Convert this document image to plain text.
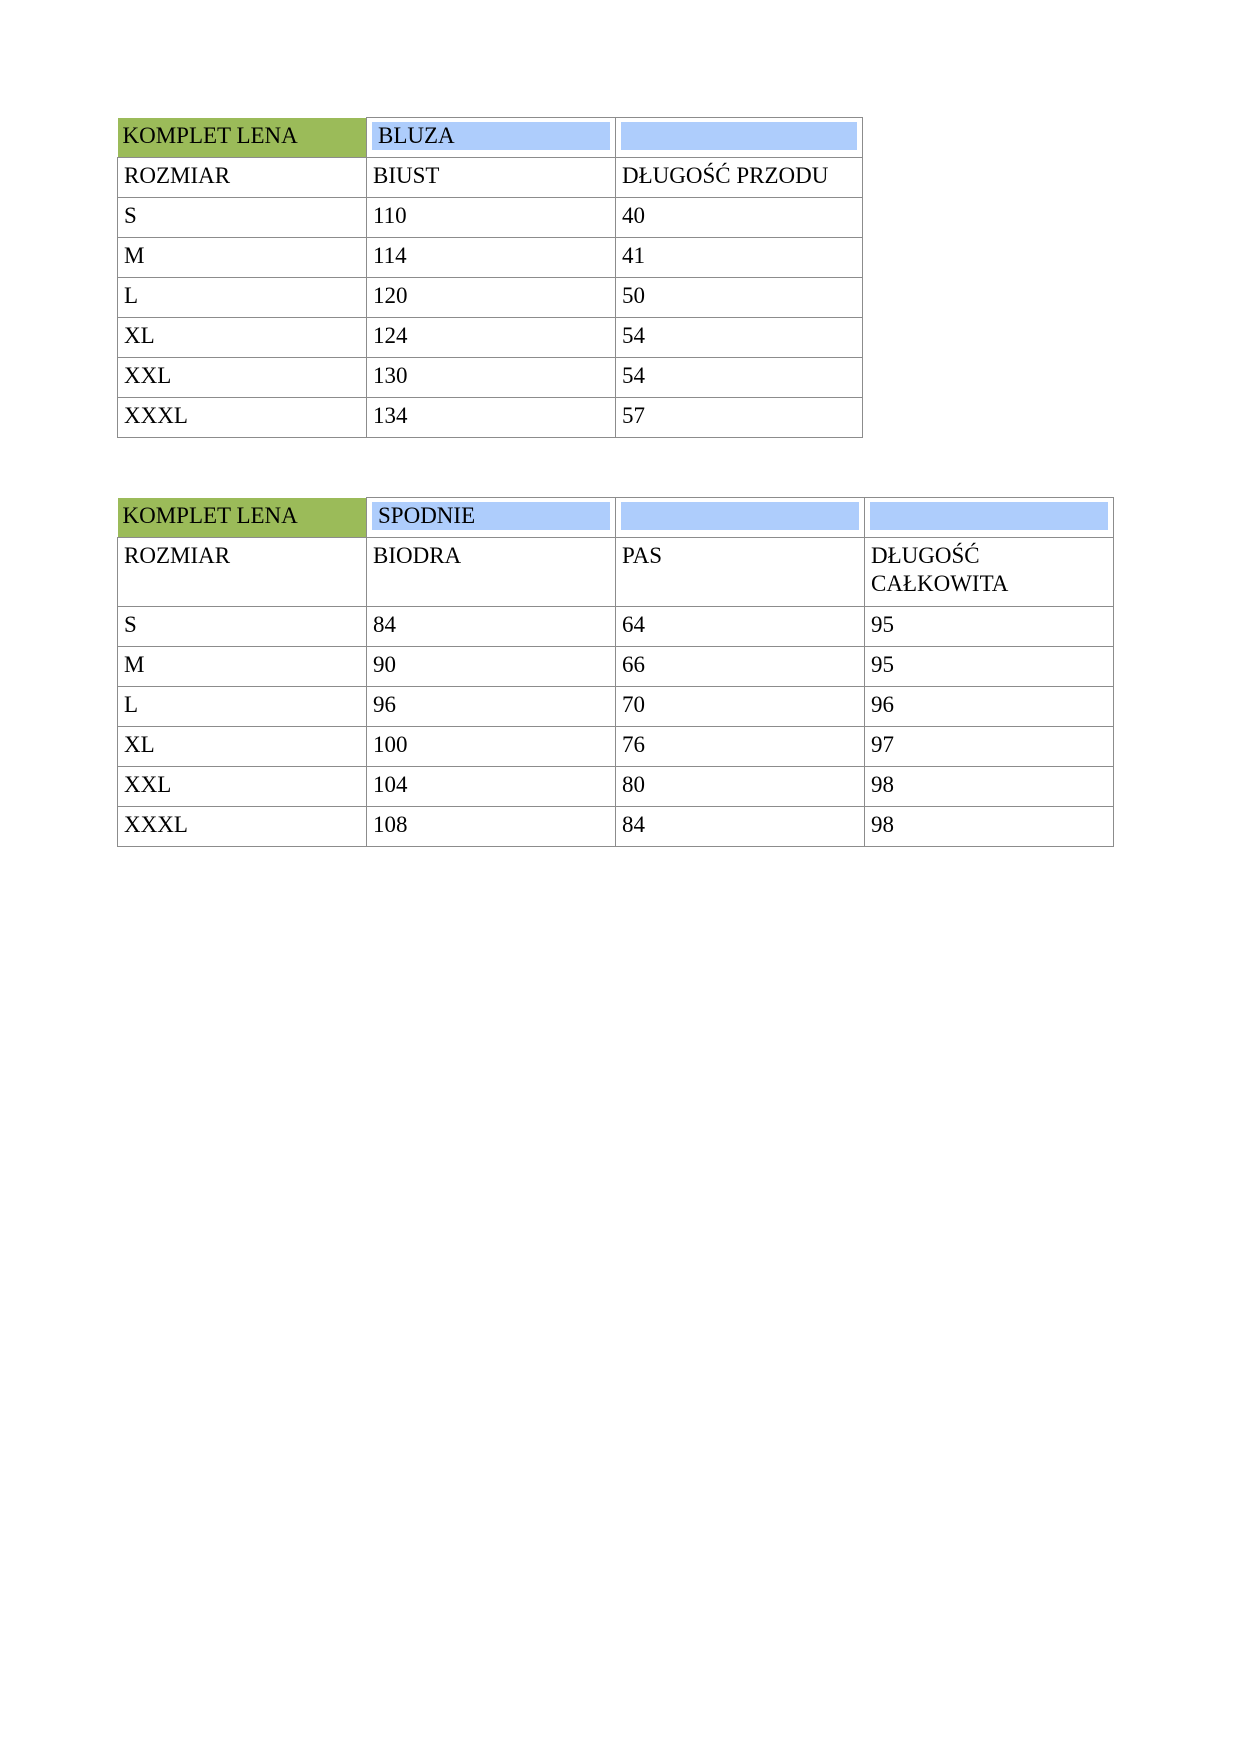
KOMPLET LENA	BLUZA	

ROZMIAR	BIUST	DŁUGOŚĆ PRZODU
S	110	40
M	114	41
L	120	50
XL	124	54
XXL	130	54
XXXL	134	57
KOMPLET LENA	SPODNIE		

ROZMIAR	BIODRA	PAS	DŁUGOŚĆ CAŁKOWITA
S	84	64	95
M	90	66	95
L	96	70	96
XL	100	76	97
XXL	104	80	98
XXXL	108	84	98
